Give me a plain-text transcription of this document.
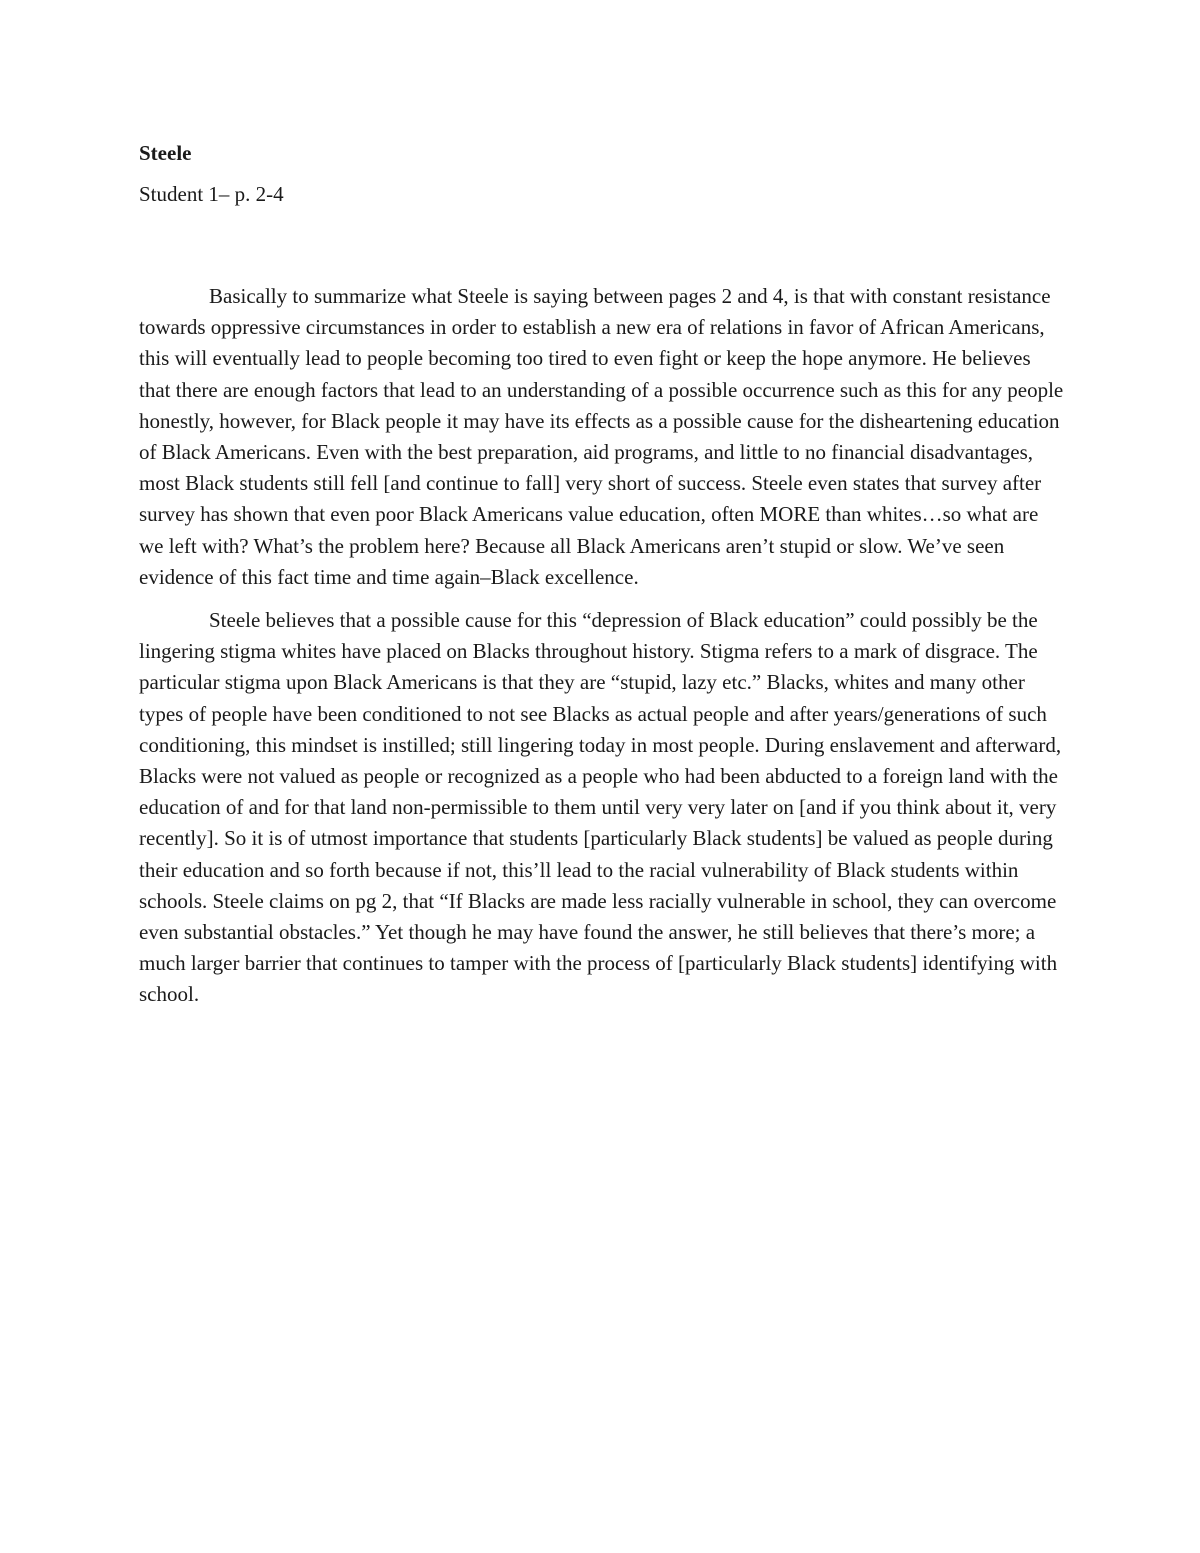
Steele
Student 1– p. 2-4

Basically to summarize what Steele is saying between pages 2 and 4, is that with constant resistance towards oppressive circumstances in order to establish a new era of relations in favor of African Americans, this will eventually lead to people becoming too tired to even fight or keep the hope anymore. He believes that there are enough factors that lead to an understanding of a possible occurrence such as this for any people honestly, however, for Black people it may have its effects as a possible cause for the disheartening education of Black Americans. Even with the best preparation, aid programs, and little to no financial disadvantages, most Black students still fell [and continue to fall] very short of success. Steele even states that survey after survey has shown that even poor Black Americans value education, often MORE than whites…so what are we left with? What’s the problem here? Because all Black Americans aren’t stupid or slow. We’ve seen evidence of this fact time and time again–Black excellence.

Steele believes that a possible cause for this “depression of Black education” could possibly be the lingering stigma whites have placed on Blacks throughout history. Stigma refers to a mark of disgrace. The particular stigma upon Black Americans is that they are “stupid, lazy etc.” Blacks, whites and many other types of people have been conditioned to not see Blacks as actual people and after years/generations of such conditioning, this mindset is instilled; still lingering today in most people. During enslavement and afterward, Blacks were not valued as people or recognized as a people who had been abducted to a foreign land with the education of and for that land non-permissible to them until very very later on [and if you think about it, very recently]. So it is of utmost importance that students [particularly Black students] be valued as people during their education and so forth because if not, this’ll lead to the racial vulnerability of Black students within schools. Steele claims on pg 2, that “If Blacks are made less racially vulnerable in school, they can overcome even substantial obstacles.” Yet though he may have found the answer, he still believes that there’s more; a much larger barrier that continues to tamper with the process of [particularly Black students] identifying with school.
